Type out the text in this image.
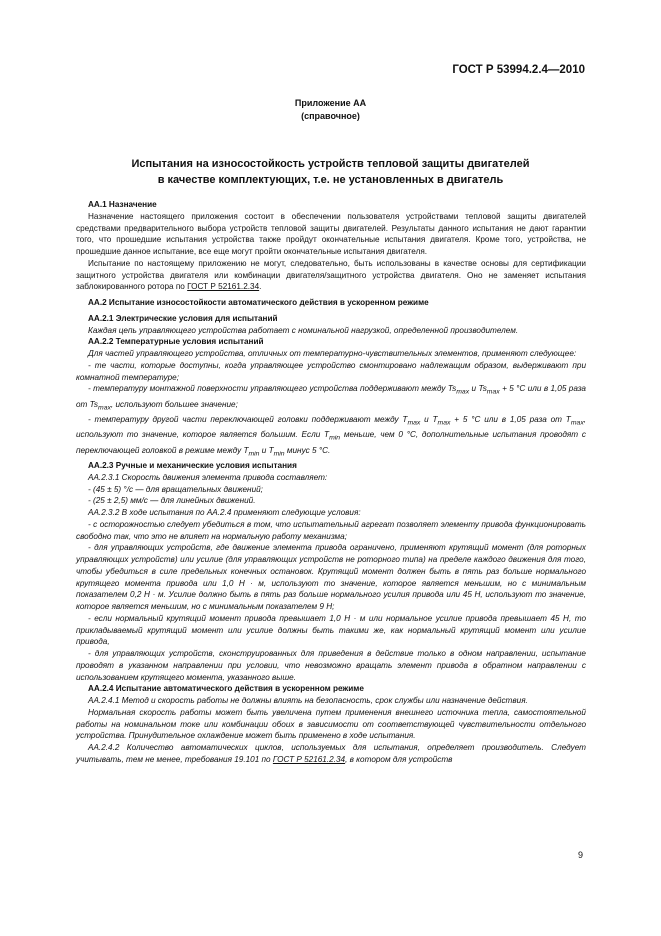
ГОСТ Р 53994.2.4—2010
Приложение АА
(справочное)
Испытания на износостойкость устройств тепловой защиты двигателей
в качестве комплектующих, т.е. не установленных в двигатель

АА.1 Назначение

Назначение настоящего приложения состоит в обеспечении пользователя устройствами тепловой защиты двигателей средствами предварительного выбора устройств тепловой защиты двигателей. Результаты данного испытания не дают гарантии того, что прошедшие испытания устройства также пройдут окончательные испытания двигателя. Кроме того, устройства, не прошедшие данное испытание, все еще могут пройти окончательные испытания двигателя.

Испытание по настоящему приложению не могут, следовательно, быть использованы в качестве основы для сертификации защитного устройства двигателя или комбинации двигателя/защитного устройства двигателя. Оно не заменяет испытания заблокированного ротора по ГОСТ Р 52161.2.34.

АА.2 Испытание износостойкости автоматического действия в ускоренном режиме

АА.2.1 Электрические условия для испытаний

Каждая цепь управляющего устройства работает с номинальной нагрузкой, определенной производителем.

АА.2.2 Температурные условия испытаний

Для частей управляющего устройства, отличных от температурно-чувствительных элементов, применяют следующее:

- те части, которые доступны, когда управляющее устройство смонтировано надлежащим образом, выдерживают при комнатной температуре;

- температуру монтажной поверхности управляющего устройства поддерживают между $Ts_{max}$ и $Ts_{max} + 5$ °С или в 1,05 раза от $Ts_{max}$, используют большее значение;

- температуру другой части переключающей головки поддерживают между $T_{max}$ и $T_{max} + 5$ °С или в 1,05 раза от $T_{max}$, используют то значение, которое является большим. Если $T_{min}$ меньше, чем 0 °С, дополнительные испытания проводят с переключающей головкой в режиме между $T_{min}$ и $T_{min}$ минус 5 °С.

АА.2.3 Ручные и механические условия испытания

АА.2.3.1 Скорость движения элемента привода составляет:

- (45 ± 5) °/с — для вращательных движений;

- (25 ± 2,5) мм/с — для линейных движений.

АА.2.3.2 В ходе испытания по АА.2.4 применяют следующие условия:

- с осторожностью следует убедиться в том, что испытательный агрегат позволяет элементу привода функционировать свободно так, что это не влияет на нормальную работу механизма;

- для управляющих устройств, где движение элемента привода ограничено, применяют крутящий момент (для роторных управляющих устройств) или усилие (для управляющих устройств не роторного типа) на пределе каждого движения для того, чтобы убедиться в силе предельных конечных остановок. Крутящий момент должен быть в пять раз больше нормального крутящего момента привода или 1,0 Н · м, используют то значение, которое является меньшим, но с минимальным показателем 0,2 Н · м. Усилие должно быть в пять раз больше нормального усилия привода или 45 Н, используют то значение, которое является меньшим, но с минимальным показателем 9 Н;

- если нормальный крутящий момент привода превышает 1,0 Н · м или нормальное усилие привода превышает 45 Н, то прикладываемый крутящий момент или усилие должны быть такими же, как нормальный крутящий момент или усилие привода,

- для управляющих устройств, сконструированных для приведения в действие только в одном направлении, испытание проводят в указанном направлении при условии, что невозможно вращать элемент привода в обратном направлении с использованием крутящего момента, указанного выше.

АА.2.4 Испытание автоматического действия в ускоренном режиме

АА.2.4.1 Метод и скорость работы не должны влиять на безопасность, срок службы или назначение действия.

Нормальная скорость работы может быть увеличена путем применения внешнего источника тепла, самостоятельной работы на номинальном токе или комбинации обоих в зависимости от соответствующей чувствительности отдельного устройства. Принудительное охлаждение может быть применено в ходе испытания.

АА.2.4.2 Количество автоматических циклов, используемых для испытания, определяет производитель. Следует учитывать, тем не менее, требования 19.101 по ГОСТ Р 52161.2.34, в котором для устройств

9
